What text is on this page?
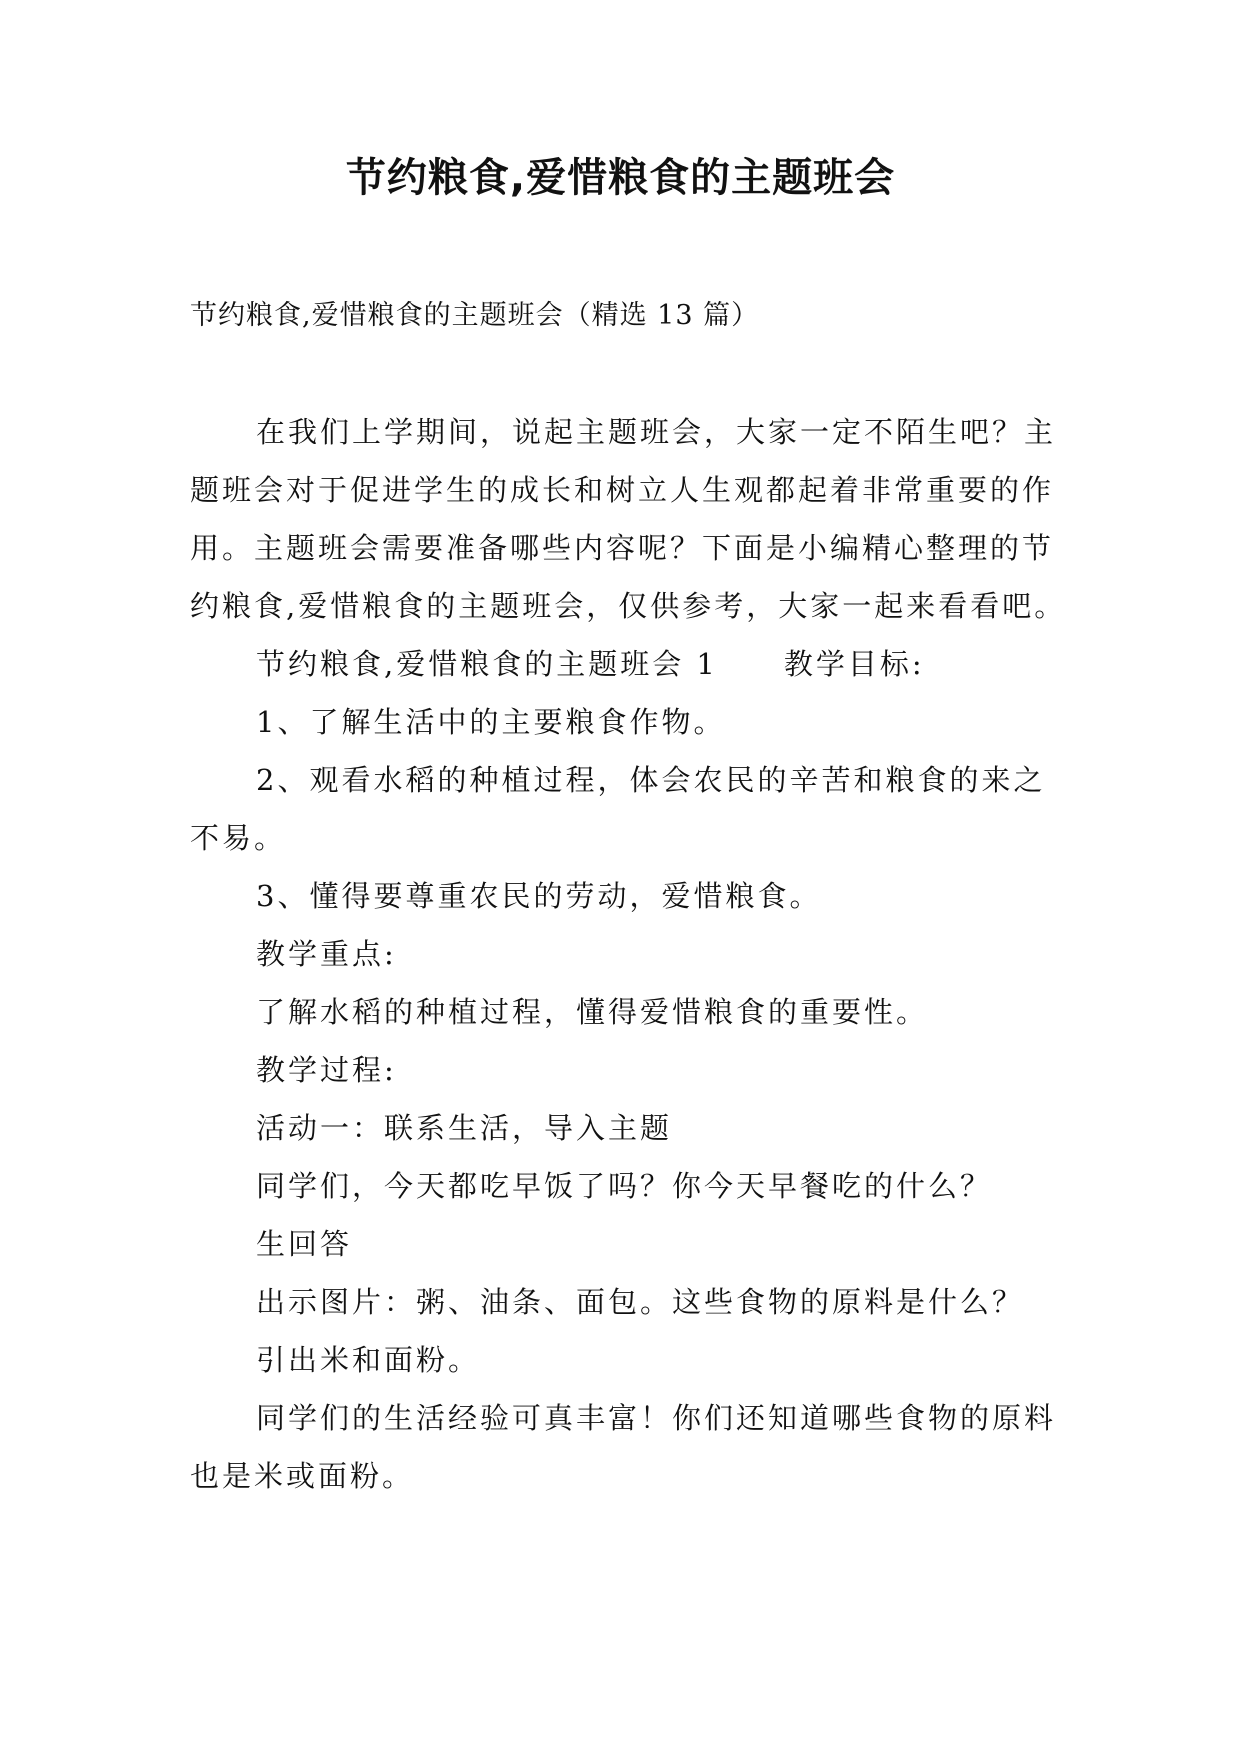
节约粮食,爱惜粮食的主题班会
节约粮食,爱惜粮食的主题班会（精选 13 篇）

在我们上学期间，说起主题班会，大家一定不陌生吧？主题班会对于促进学生的成长和树立人生观都起着非常重要的作用。主题班会需要准备哪些内容呢？下面是小编精心整理的节约粮食,爱惜粮食的主题班会，仅供参考，大家一起来看看吧。

节约粮食,爱惜粮食的主题班会 1 教学目标:

1、了解生活中的主要粮食作物。

2、观看水稻的种植过程，体会农民的辛苦和粮食的来之不易。

3、懂得要尊重农民的劳动，爱惜粮食。

教学重点:

了解水稻的种植过程，懂得爱惜粮食的重要性。

教学过程:

活动一：联系生活，导入主题

同学们，今天都吃早饭了吗？你今天早餐吃的什么？

生回答

出示图片：粥、油条、面包。这些食物的原料是什么？

引出米和面粉。

同学们的生活经验可真丰富！你们还知道哪些食物的原料也是米或面粉。
